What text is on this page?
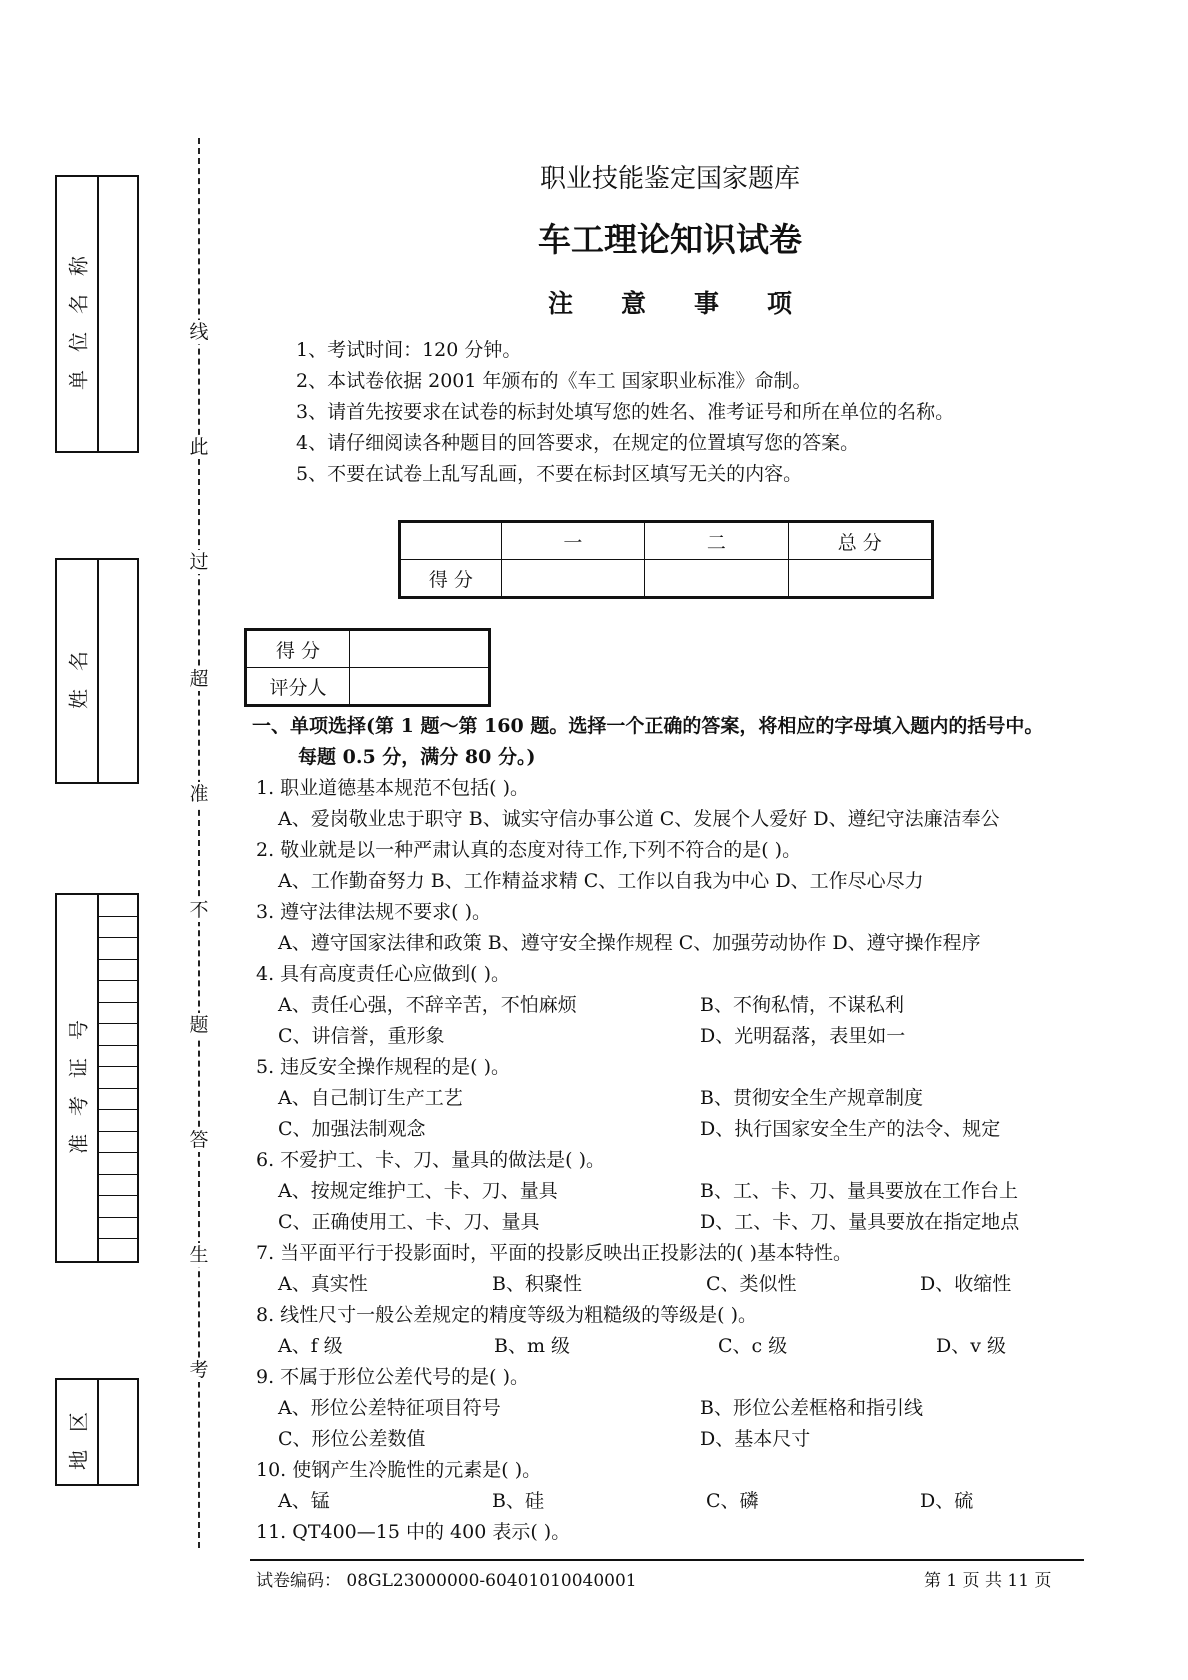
单位名称
姓名
准考证号
地区
线
此
过
超
准
不
题
答
生
考
职业技能鉴定国家题库
车工理论知识试卷
注意事项
1、考试时间：120 分钟。
2、本试卷依据 2001 年颁布的《车工 国家职业标准》命制。
3、请首先按要求在试卷的标封处填写您的姓名、准考证号和所在单位的名称。
4、请仔细阅读各种题目的回答要求，在规定的位置填写您的答案。
5、不要在试卷上乱写乱画，不要在标封区填写无关的内容。
	一	二	总 分
得 分			
得 分	
评分人	
一、单项选择(第 1 题～第 160 题。选择一个正确的答案，将相应的字母填入题内的括号中。
每题 0.5 分，满分 80 分。)
1. 职业道德基本规范不包括( )。
A、爱岗敬业忠于职守 B、诚实守信办事公道 C、发展个人爱好 D、遵纪守法廉洁奉公
2. 敬业就是以一种严肃认真的态度对待工作,下列不符合的是( )。
A、工作勤奋努力 B、工作精益求精 C、工作以自我为中心 D、工作尽心尽力
3. 遵守法律法规不要求( )。
A、遵守国家法律和政策 B、遵守安全操作规程 C、加强劳动协作 D、遵守操作程序
4. 具有高度责任心应做到( )。
A、责任心强，不辞辛苦，不怕麻烦	B、不徇私情，不谋私利
C、讲信誉，重形象	D、光明磊落，表里如一
5. 违反安全操作规程的是( )。
A、自己制订生产工艺	B、贯彻安全生产规章制度
C、加强法制观念	D、执行国家安全生产的法令、规定
6. 不爱护工、卡、刀、量具的做法是( )。
A、按规定维护工、卡、刀、量具	B、工、卡、刀、量具要放在工作台上
C、正确使用工、卡、刀、量具	D、工、卡、刀、量具要放在指定地点
7. 当平面平行于投影面时，平面的投影反映出正投影法的( )基本特性。
A、真实性	B、积聚性	C、类似性	D、收缩性
8. 线性尺寸一般公差规定的精度等级为粗糙级的等级是( )。
A、f 级	B、m 级	C、c 级	D、v 级
9. 不属于形位公差代号的是( )。
A、形位公差特征项目符号	B、形位公差框格和指引线
C、形位公差数值	D、基本尺寸
10. 使钢产生冷脆性的元素是( )。
A、锰	B、硅	C、磷	D、硫
11. QT400—15 中的 400 表示( )。
试卷编码： 08GL23000000-60401010040001	第 1 页 共 11 页
